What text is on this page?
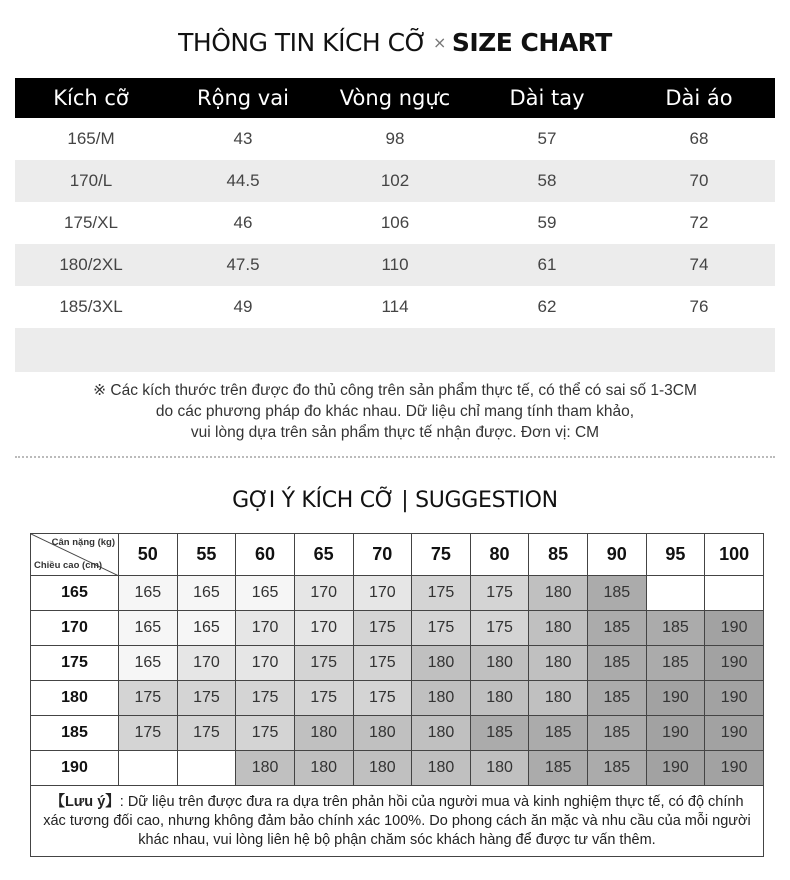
THÔNG TIN KÍCH CỠ × SIZE CHART
Kích cỡ	Rộng vai	Vòng ngực	Dài tay	Dài áo
165/M	43	98	57	68
170/L	44.5	102	58	70
175/XL	46	106	59	72
180/2XL	47.5	110	61	74
185/3XL	49	114	62	76

※ Các kích thước trên được đo thủ công trên sản phẩm thực tế, có thể có sai số 1-3CM
do các phương pháp đo khác nhau. Dữ liệu chỉ mang tính tham khảo,
vui lòng dựa trên sản phẩm thực tế nhận được. Đơn vị: CM
GỢI Ý KÍCH CỠ | SUGGESTION
Cân nặng (kg)
Chiều cao (cm)	50	55	60	65	70	75	80	85	90	95	100
165	165	165	165	170	170	175	175	180	185		
170	165	165	170	170	175	175	175	180	185	185	190
175	165	170	170	175	175	180	180	180	185	185	190
180	175	175	175	175	175	180	180	180	185	190	190
185	175	175	175	180	180	180	185	185	185	190	190
190			180	180	180	180	180	185	185	190	190
【Lưu ý】: Dữ liệu trên được đưa ra dựa trên phản hồi của người mua và kinh nghiệm thực tế, có độ chính xác tương đối cao, nhưng không đảm bảo chính xác 100%. Do phong cách ăn mặc và nhu cầu của mỗi người khác nhau, vui lòng liên hệ bộ phận chăm sóc khách hàng để được tư vấn thêm.
